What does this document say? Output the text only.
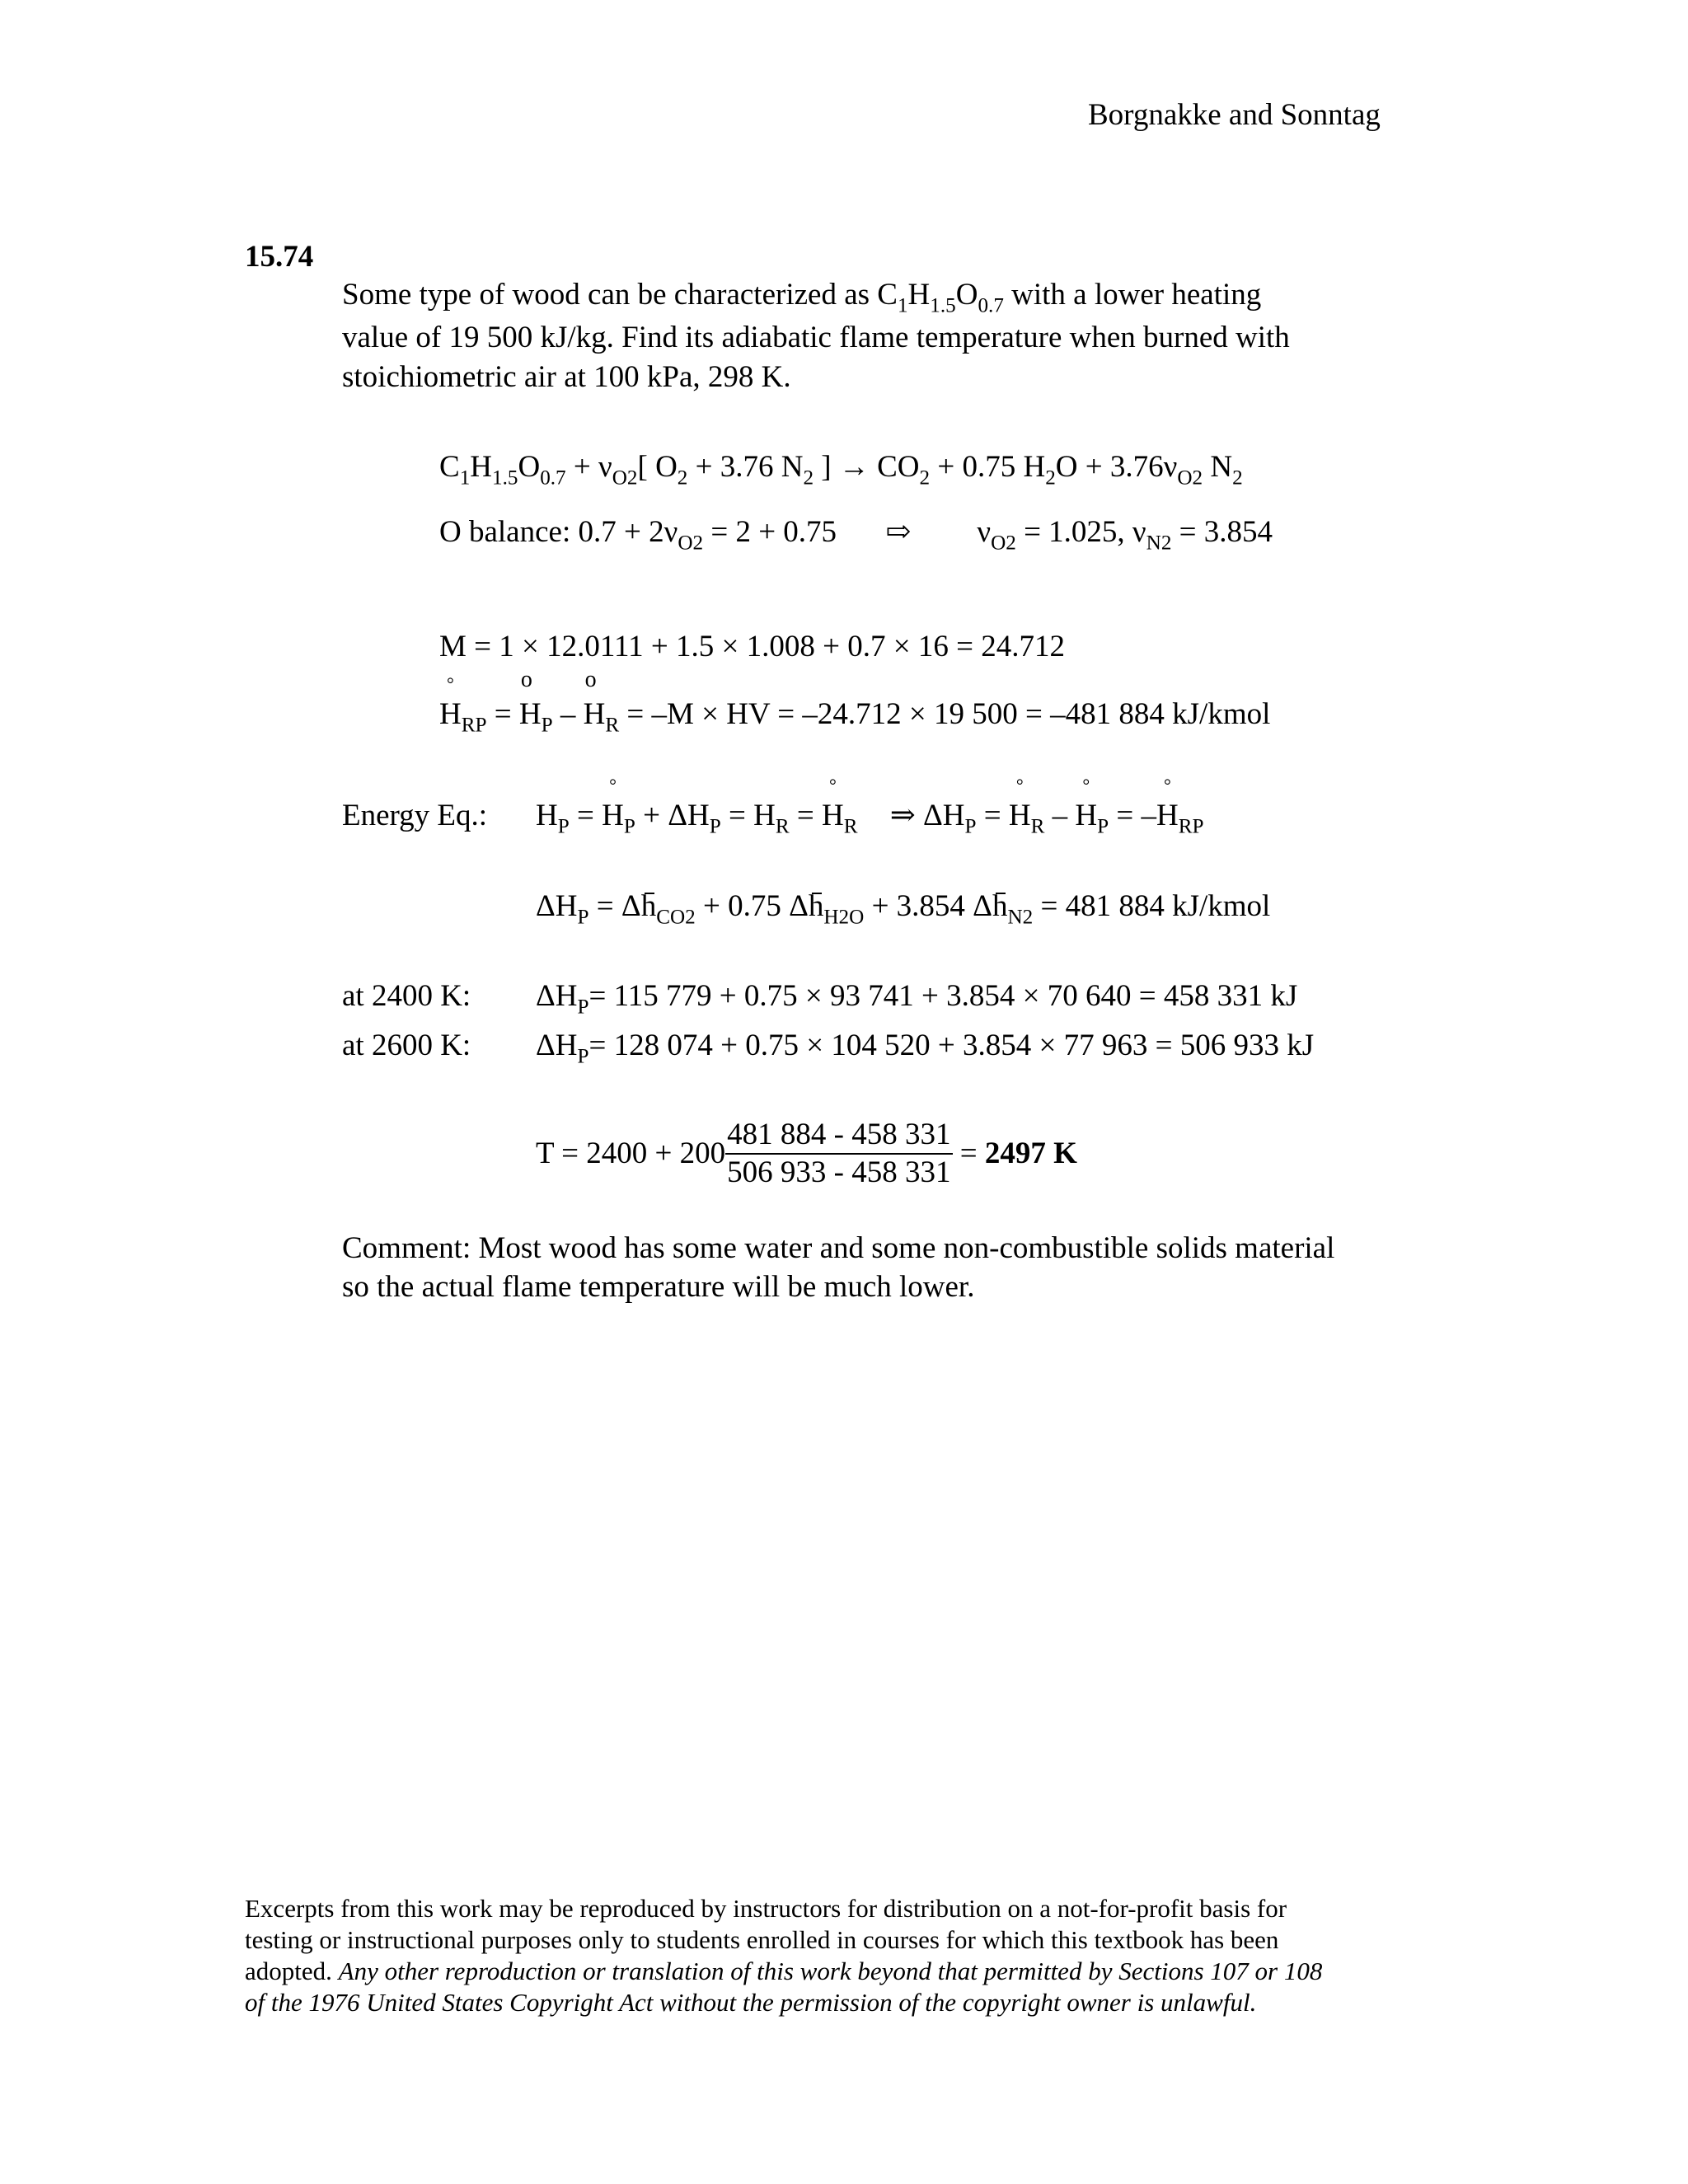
Borgnakke and Sonntag
15.74
Some type of wood can be characterized as $C_1H_{1.5}O_{0.7}$ with a lower heating
value of 19 500 kJ/kg. Find its adiabatic flame temperature when burned with
stoichiometric air at 100 kPa, 298 K.
$C_1H_{1.5}O_{0.7} + \nu_{O2}$[ $O_2 + 3.76$ $N_2$ ] → $CO_2 + 0.75$ $H_2O + 3.76\nu_{O2}$ $N_2$
O balance: $0.7 + 2\nu_{O2} = 2 + 0.75$ ⇨ $\nu_{O2} = 1.025$, $\nu_{N2} = 3.854$
M = 1 × 12.0111 + 1.5 × 1.008 + 0.7 × 16 = 24.712
H
°
$_{RP}$ = H
o
$_P$ – H
o
$_R$ = –M × HV = –24.712 × 19 500 = –481 884 kJ/kmol
Energy Eq.: $H_P = H$
°
$_P + \Delta H_P = H_R = H$
°
$_R$ ⇒ $\Delta H_P = H$
°
$_R$ – H
°
$_P$ = –H
°
$_{RP}$
$\Delta H_P = \Delta h_{CO2} + 0.75$ $\Delta h_{H2O} + 3.854$ $\Delta h_{N2} = 481$ 884 kJ/kmol
at 2400 K: $\Delta H_P= 115$ 779 + 0.75 × 93 741 + 3.854 × 70 640 = 458 331 kJ
at 2600 K: $\Delta H_P= 128$ 074 + 0.75 × 104 520 + 3.854 × 77 963 = 506 933 kJ
$T = 2400 + 200 \frac{481 884 - 458 331}{506 933 - 458 331} = 2497$ K
Comment: Most wood has some water and some non-combustible solids material
so the actual flame temperature will be much lower.
Excerpts from this work may be reproduced by instructors for distribution on a not-for-profit basis for
testing or instructional purposes only to students enrolled in courses for which this textbook has been
adopted. Any other reproduction or translation of this work beyond that permitted by Sections 107 or 108
of the 1976 United States Copyright Act without the permission of the copyright owner is unlawful.
